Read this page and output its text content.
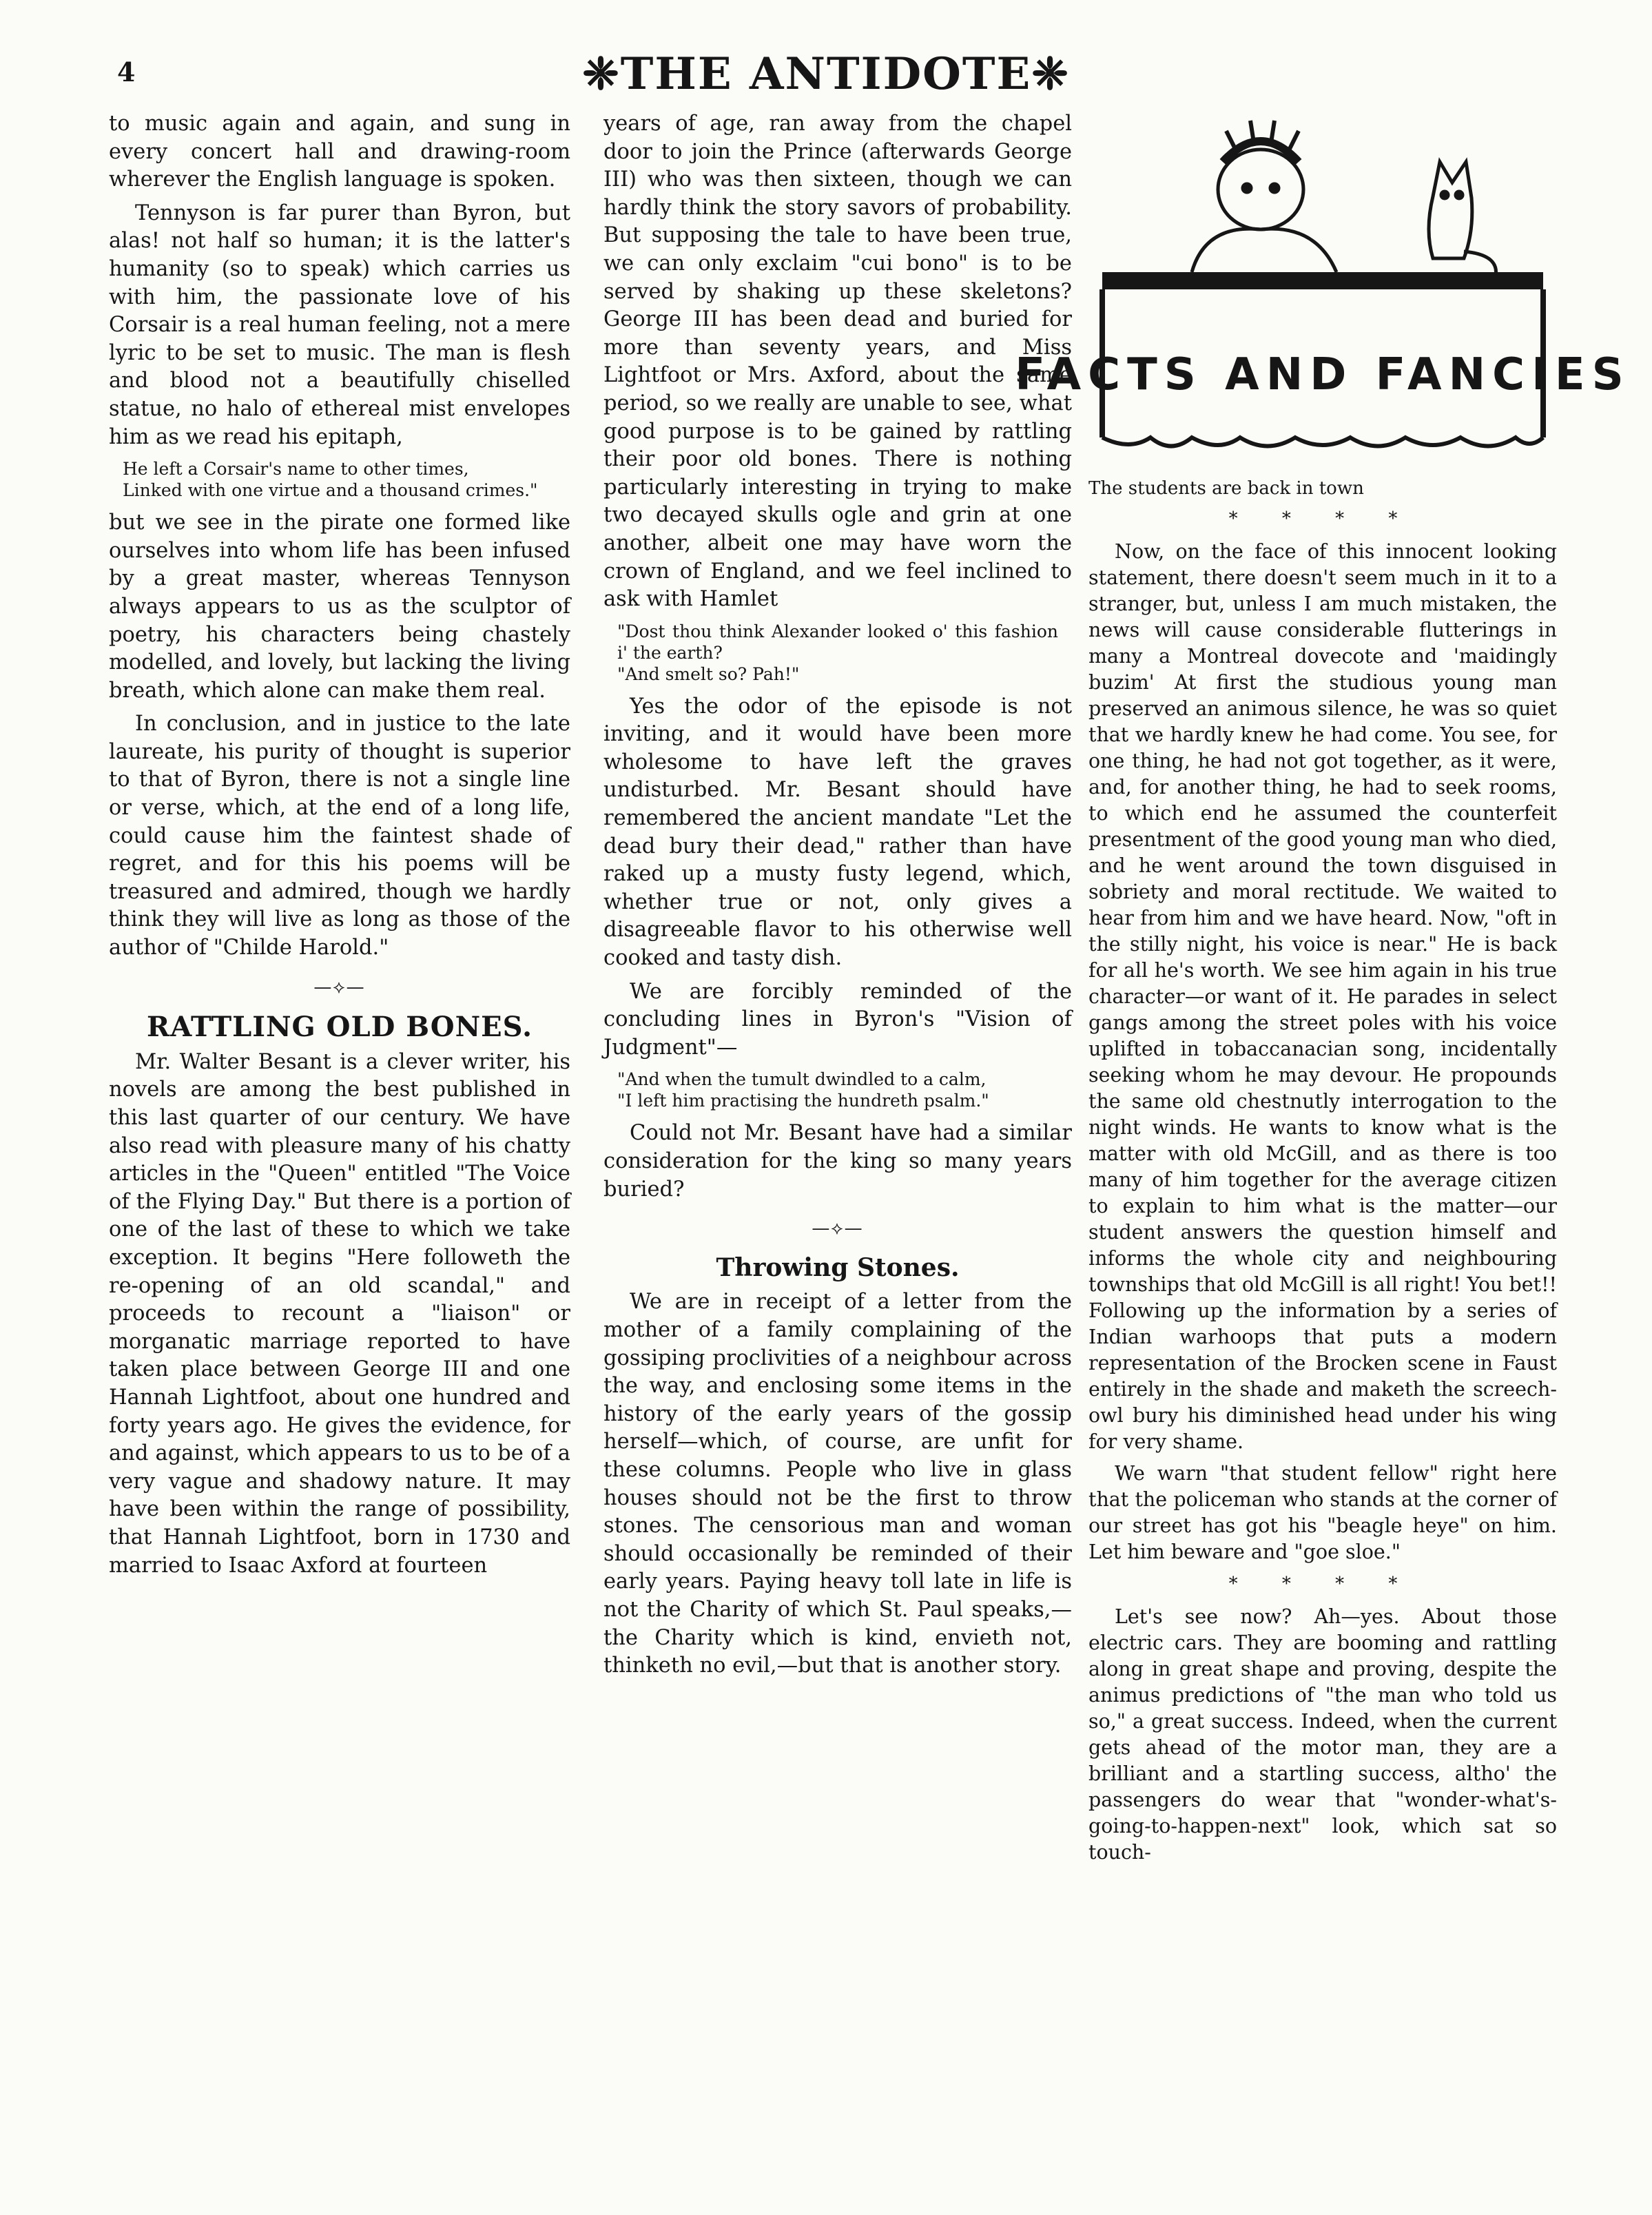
4	❈THE ANTIDOTE❈

to music again and again, and sung in every concert hall and drawing-room wherever the English language is spoken.

Tennyson is far purer than Byron, but alas! not half so human; it is the latter's humanity (so to speak) which carries us with him, the passionate love of his Corsair is a real human feeling, not a mere lyric to be set to music. The man is flesh and blood not a beautifully chiselled statue, no halo of ethereal mist envelopes him as we read his epitaph,

He left a Corsair's name to other times,
Linked with one virtue and a thousand crimes."

but we see in the pirate one formed like ourselves into whom life has been infused by a great master, whereas Tennyson always appears to us as the sculptor of poetry, his characters being chastely modelled, and lovely, but lacking the living breath, which alone can make them real.

In conclusion, and in justice to the late laureate, his purity of thought is superior to that of Byron, there is not a single line or verse, which, at the end of a long life, could cause him the faintest shade of regret, and for this his poems will be treasured and admired, though we hardly think they will live as long as those of the author of "Childe Harold."

—⟡—
RATTLING OLD BONES.

Mr. Walter Besant is a clever writer, his novels are among the best published in this last quarter of our century. We have also read with pleasure many of his chatty articles in the "Queen" entitled "The Voice of the Flying Day." But there is a portion of one of the last of these to which we take exception. It begins "Here followeth the re-opening of an old scandal," and proceeds to recount a "liaison" or morganatic marriage reported to have taken place between George III and one Hannah Lightfoot, about one hundred and forty years ago. He gives the evidence, for and against, which appears to us to be of a very vague and shadowy nature. It may have been within the range of possibility, that Hannah Lightfoot, born in 1730 and married to Isaac Axford at fourteen

years of age, ran away from the chapel door to join the Prince (afterwards George III) who was then sixteen, though we can hardly think the story savors of probability. But supposing the tale to have been true, we can only exclaim "cui bono" is to be served by shaking up these skeletons? George III has been dead and buried for more than seventy years, and Miss Lightfoot or Mrs. Axford, about the same period, so we really are unable to see, what good purpose is to be gained by rattling their poor old bones. There is nothing particularly interesting in trying to make two decayed skulls ogle and grin at one another, albeit one may have worn the crown of England, and we feel inclined to ask with Hamlet

"Dost thou think Alexander looked o' this fashion i' the earth?
"And smelt so? Pah!"

Yes the odor of the episode is not inviting, and it would have been more wholesome to have left the graves undisturbed. Mr. Besant should have remembered the ancient mandate "Let the dead bury their dead," rather than have raked up a musty fusty legend, which, whether true or not, only gives a disagreeable flavor to his otherwise well cooked and tasty dish.

We are forcibly reminded of the concluding lines in Byron's "Vision of Judgment"—

"And when the tumult dwindled to a calm,
"I left him practising the hundreth psalm."

Could not Mr. Besant have had a similar consideration for the king so many years buried?

—⟡—
Throwing Stones.

We are in receipt of a letter from the mother of a family complaining of the gossiping proclivities of a neighbour across the way, and enclosing some items in the history of the early years of the gossip herself—which, of course, are unfit for these columns. People who live in glass houses should not be the first to throw stones. The censorious man and woman should occasionally be reminded of their early years. Paying heavy toll late in life is not the Charity of which St. Paul speaks,—the Charity which is kind, envieth not, thinketh no evil,—but that is another story.

FACTS AND FANCIES

The students are back in town

* * * *

Now, on the face of this innocent looking statement, there doesn't seem much in it to a stranger, but, unless I am much mistaken, the news will cause considerable flutterings in many a Montreal dovecote and 'maidingly buzim' At first the studious young man preserved an animous silence, he was so quiet that we hardly knew he had come. You see, for one thing, he had not got together, as it were, and, for another thing, he had to seek rooms, to which end he assumed the counterfeit presentment of the good young man who died, and he went around the town disguised in sobriety and moral rectitude. We waited to hear from him and we have heard. Now, "oft in the stilly night, his voice is near." He is back for all he's worth. We see him again in his true character—or want of it. He parades in select gangs among the street poles with his voice uplifted in tobaccanacian song, incidentally seeking whom he may devour. He propounds the same old chestnutly interrogation to the night winds. He wants to know what is the matter with old McGill, and as there is too many of him together for the average citizen to explain to him what is the matter—our student answers the question himself and informs the whole city and neighbouring townships that old McGill is all right! You bet!! Following up the information by a series of Indian warhoops that puts a modern representation of the Brocken scene in Faust entirely in the shade and maketh the screech-owl bury his diminished head under his wing for very shame.

We warn "that student fellow" right here that the policeman who stands at the corner of our street has got his "beagle heye" on him. Let him beware and "goe sloe."

* * * *

Let's see now? Ah—yes. About those electric cars. They are booming and rattling along in great shape and proving, despite the animus predictions of "the man who told us so," a great success. Indeed, when the current gets ahead of the motor man, they are a brilliant and a startling success, altho' the passengers do wear that "wonder-what's-going-to-happen-next" look, which sat so touch-
